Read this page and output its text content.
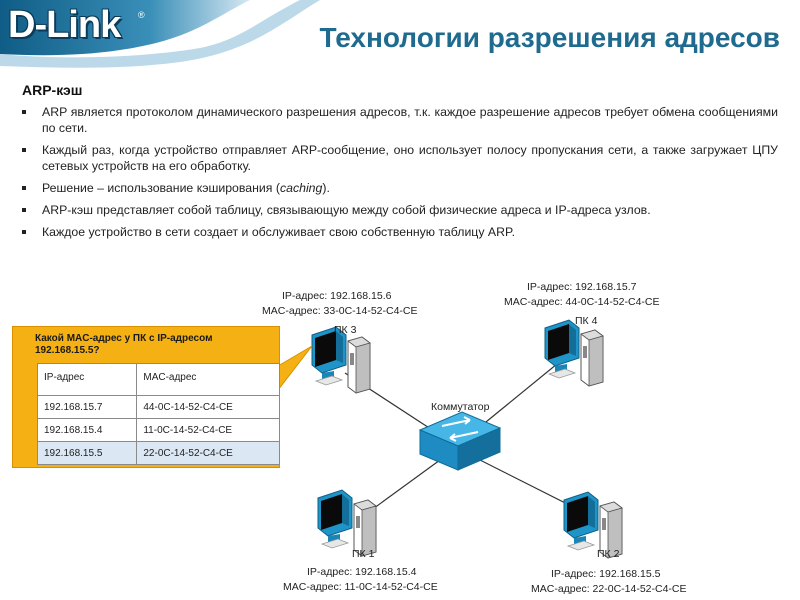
D-Link ®
Технологии разрешения адресов
ARP-кэш
ARP является протоколом динамического разрешения адресов, т.к. каждое разрешение адресов требует обмена сообщениями по сети.
Каждый раз, когда устройство отправляет ARP-сообщение, оно использует полосу пропускания сети, а также загружает ЦПУ сетевых устройств на его обработку.
Решение – использование кэширования (caching).
ARP-кэш представляет собой таблицу, связывающую между собой физические адреса и IP-адреса узлов.
Каждое устройство в сети создает и обслуживает свою собственную таблицу ARP.
IP-адрес: 192.168.15.6
MAC-адрес: 33-0C-14-52-C4-CE
ПК 3
IP-адрес: 192.168.15.7
MAC-адрес: 44-0C-14-52-C4-CE
ПК 4
Коммутатор
ПК 1
IP-адрес: 192.168.15.4
MAC-адрес: 11-0C-14-52-C4-CE
ПК 2
IP-адрес: 192.168.15.5
MAC-адрес: 22-0C-14-52-C4-CE
Какой MAC-адрес у ПК с IP-адресом 192.168.15.5?
IP-адрес	MAC-адрес
192.168.15.7	44-0C-14-52-C4-CE
192.168.15.4	11-0C-14-52-C4-CE
192.168.15.5	22-0C-14-52-C4-CE
